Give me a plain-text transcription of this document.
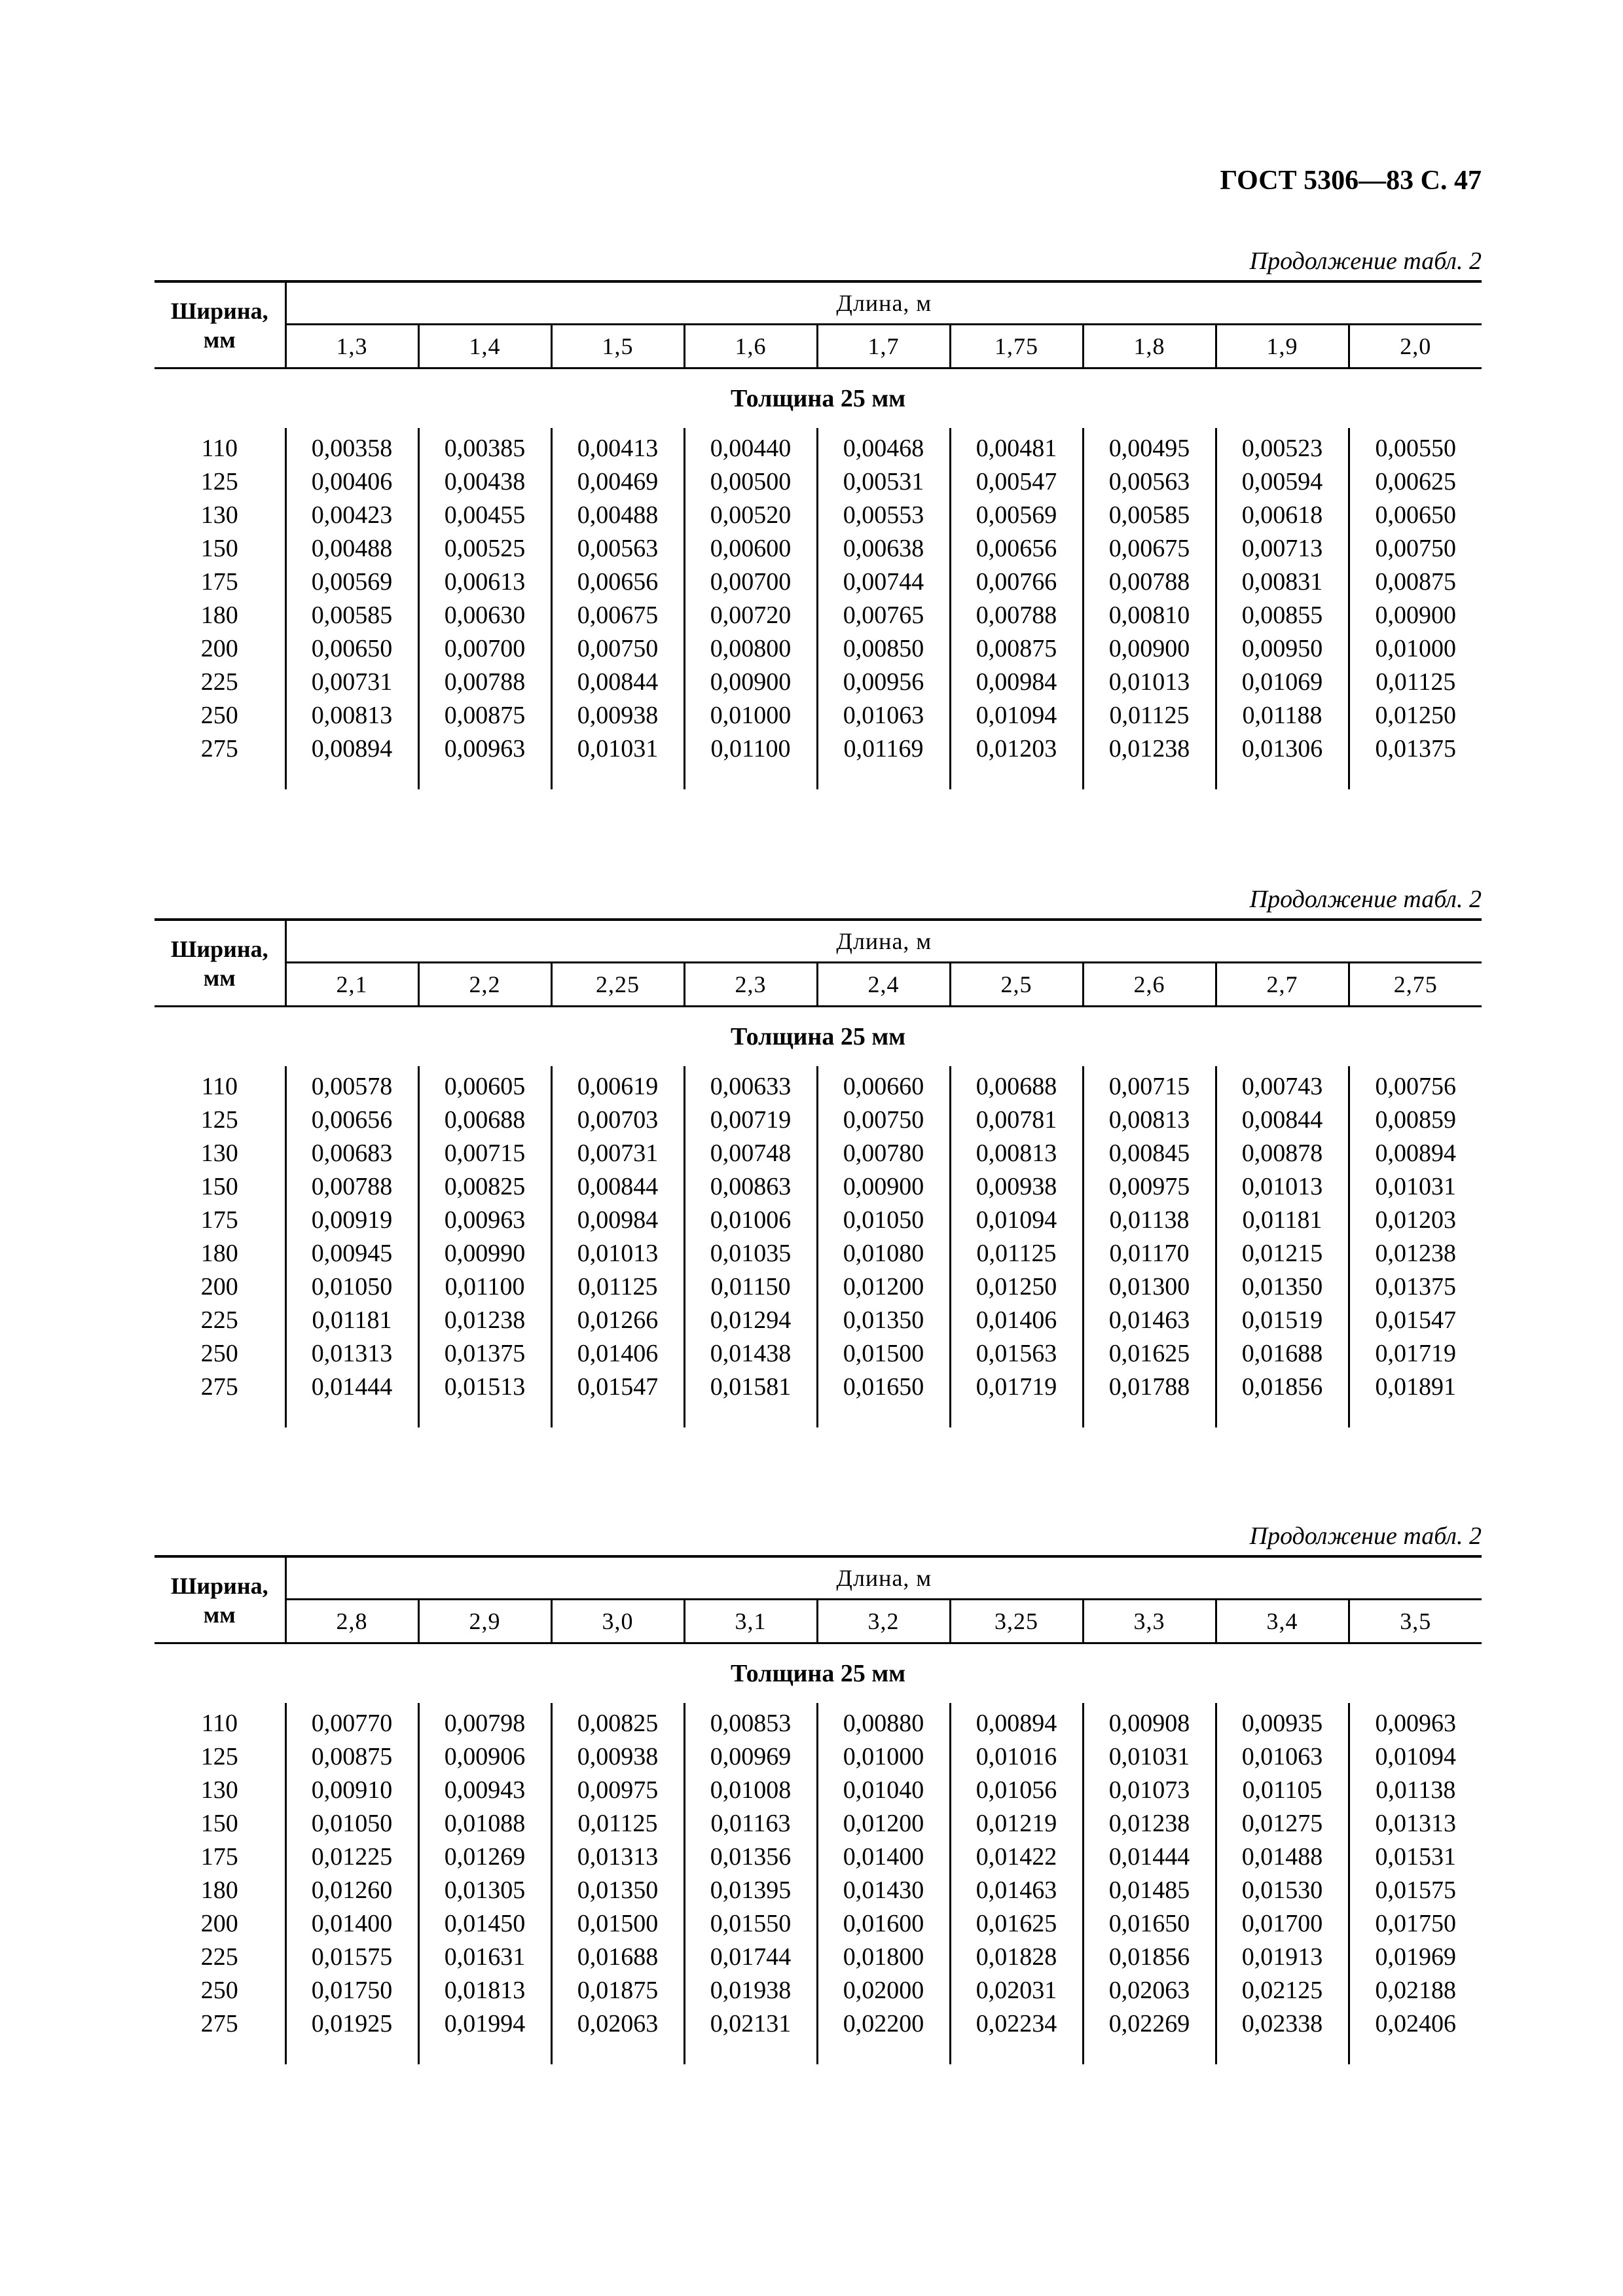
ГОСТ 5306—83 С. 47
Продолжение табл. 2
Ширина,
мм	Длина, м								
	1,3	1,4	1,5	1,6	1,7	1,75	1,8	1,9	2,0
Толщина 25 мм									
110	0,00358	0,00385	0,00413	0,00440	0,00468	0,00481	0,00495	0,00523	0,00550
125	0,00406	0,00438	0,00469	0,00500	0,00531	0,00547	0,00563	0,00594	0,00625
130	0,00423	0,00455	0,00488	0,00520	0,00553	0,00569	0,00585	0,00618	0,00650
150	0,00488	0,00525	0,00563	0,00600	0,00638	0,00656	0,00675	0,00713	0,00750
175	0,00569	0,00613	0,00656	0,00700	0,00744	0,00766	0,00788	0,00831	0,00875
180	0,00585	0,00630	0,00675	0,00720	0,00765	0,00788	0,00810	0,00855	0,00900
200	0,00650	0,00700	0,00750	0,00800	0,00850	0,00875	0,00900	0,00950	0,01000
225	0,00731	0,00788	0,00844	0,00900	0,00956	0,00984	0,01013	0,01069	0,01125
250	0,00813	0,00875	0,00938	0,01000	0,01063	0,01094	0,01125	0,01188	0,01250
275	0,00894	0,00963	0,01031	0,01100	0,01169	0,01203	0,01238	0,01306	0,01375

Продолжение табл. 2
Ширина,
мм	Длина, м								
	2,1	2,2	2,25	2,3	2,4	2,5	2,6	2,7	2,75
Толщина 25 мм									
110	0,00578	0,00605	0,00619	0,00633	0,00660	0,00688	0,00715	0,00743	0,00756
125	0,00656	0,00688	0,00703	0,00719	0,00750	0,00781	0,00813	0,00844	0,00859
130	0,00683	0,00715	0,00731	0,00748	0,00780	0,00813	0,00845	0,00878	0,00894
150	0,00788	0,00825	0,00844	0,00863	0,00900	0,00938	0,00975	0,01013	0,01031
175	0,00919	0,00963	0,00984	0,01006	0,01050	0,01094	0,01138	0,01181	0,01203
180	0,00945	0,00990	0,01013	0,01035	0,01080	0,01125	0,01170	0,01215	0,01238
200	0,01050	0,01100	0,01125	0,01150	0,01200	0,01250	0,01300	0,01350	0,01375
225	0,01181	0,01238	0,01266	0,01294	0,01350	0,01406	0,01463	0,01519	0,01547
250	0,01313	0,01375	0,01406	0,01438	0,01500	0,01563	0,01625	0,01688	0,01719
275	0,01444	0,01513	0,01547	0,01581	0,01650	0,01719	0,01788	0,01856	0,01891

Продолжение табл. 2
Ширина,
мм	Длина, м								
	2,8	2,9	3,0	3,1	3,2	3,25	3,3	3,4	3,5
Толщина 25 мм									
110	0,00770	0,00798	0,00825	0,00853	0,00880	0,00894	0,00908	0,00935	0,00963
125	0,00875	0,00906	0,00938	0,00969	0,01000	0,01016	0,01031	0,01063	0,01094
130	0,00910	0,00943	0,00975	0,01008	0,01040	0,01056	0,01073	0,01105	0,01138
150	0,01050	0,01088	0,01125	0,01163	0,01200	0,01219	0,01238	0,01275	0,01313
175	0,01225	0,01269	0,01313	0,01356	0,01400	0,01422	0,01444	0,01488	0,01531
180	0,01260	0,01305	0,01350	0,01395	0,01430	0,01463	0,01485	0,01530	0,01575
200	0,01400	0,01450	0,01500	0,01550	0,01600	0,01625	0,01650	0,01700	0,01750
225	0,01575	0,01631	0,01688	0,01744	0,01800	0,01828	0,01856	0,01913	0,01969
250	0,01750	0,01813	0,01875	0,01938	0,02000	0,02031	0,02063	0,02125	0,02188
275	0,01925	0,01994	0,02063	0,02131	0,02200	0,02234	0,02269	0,02338	0,02406
